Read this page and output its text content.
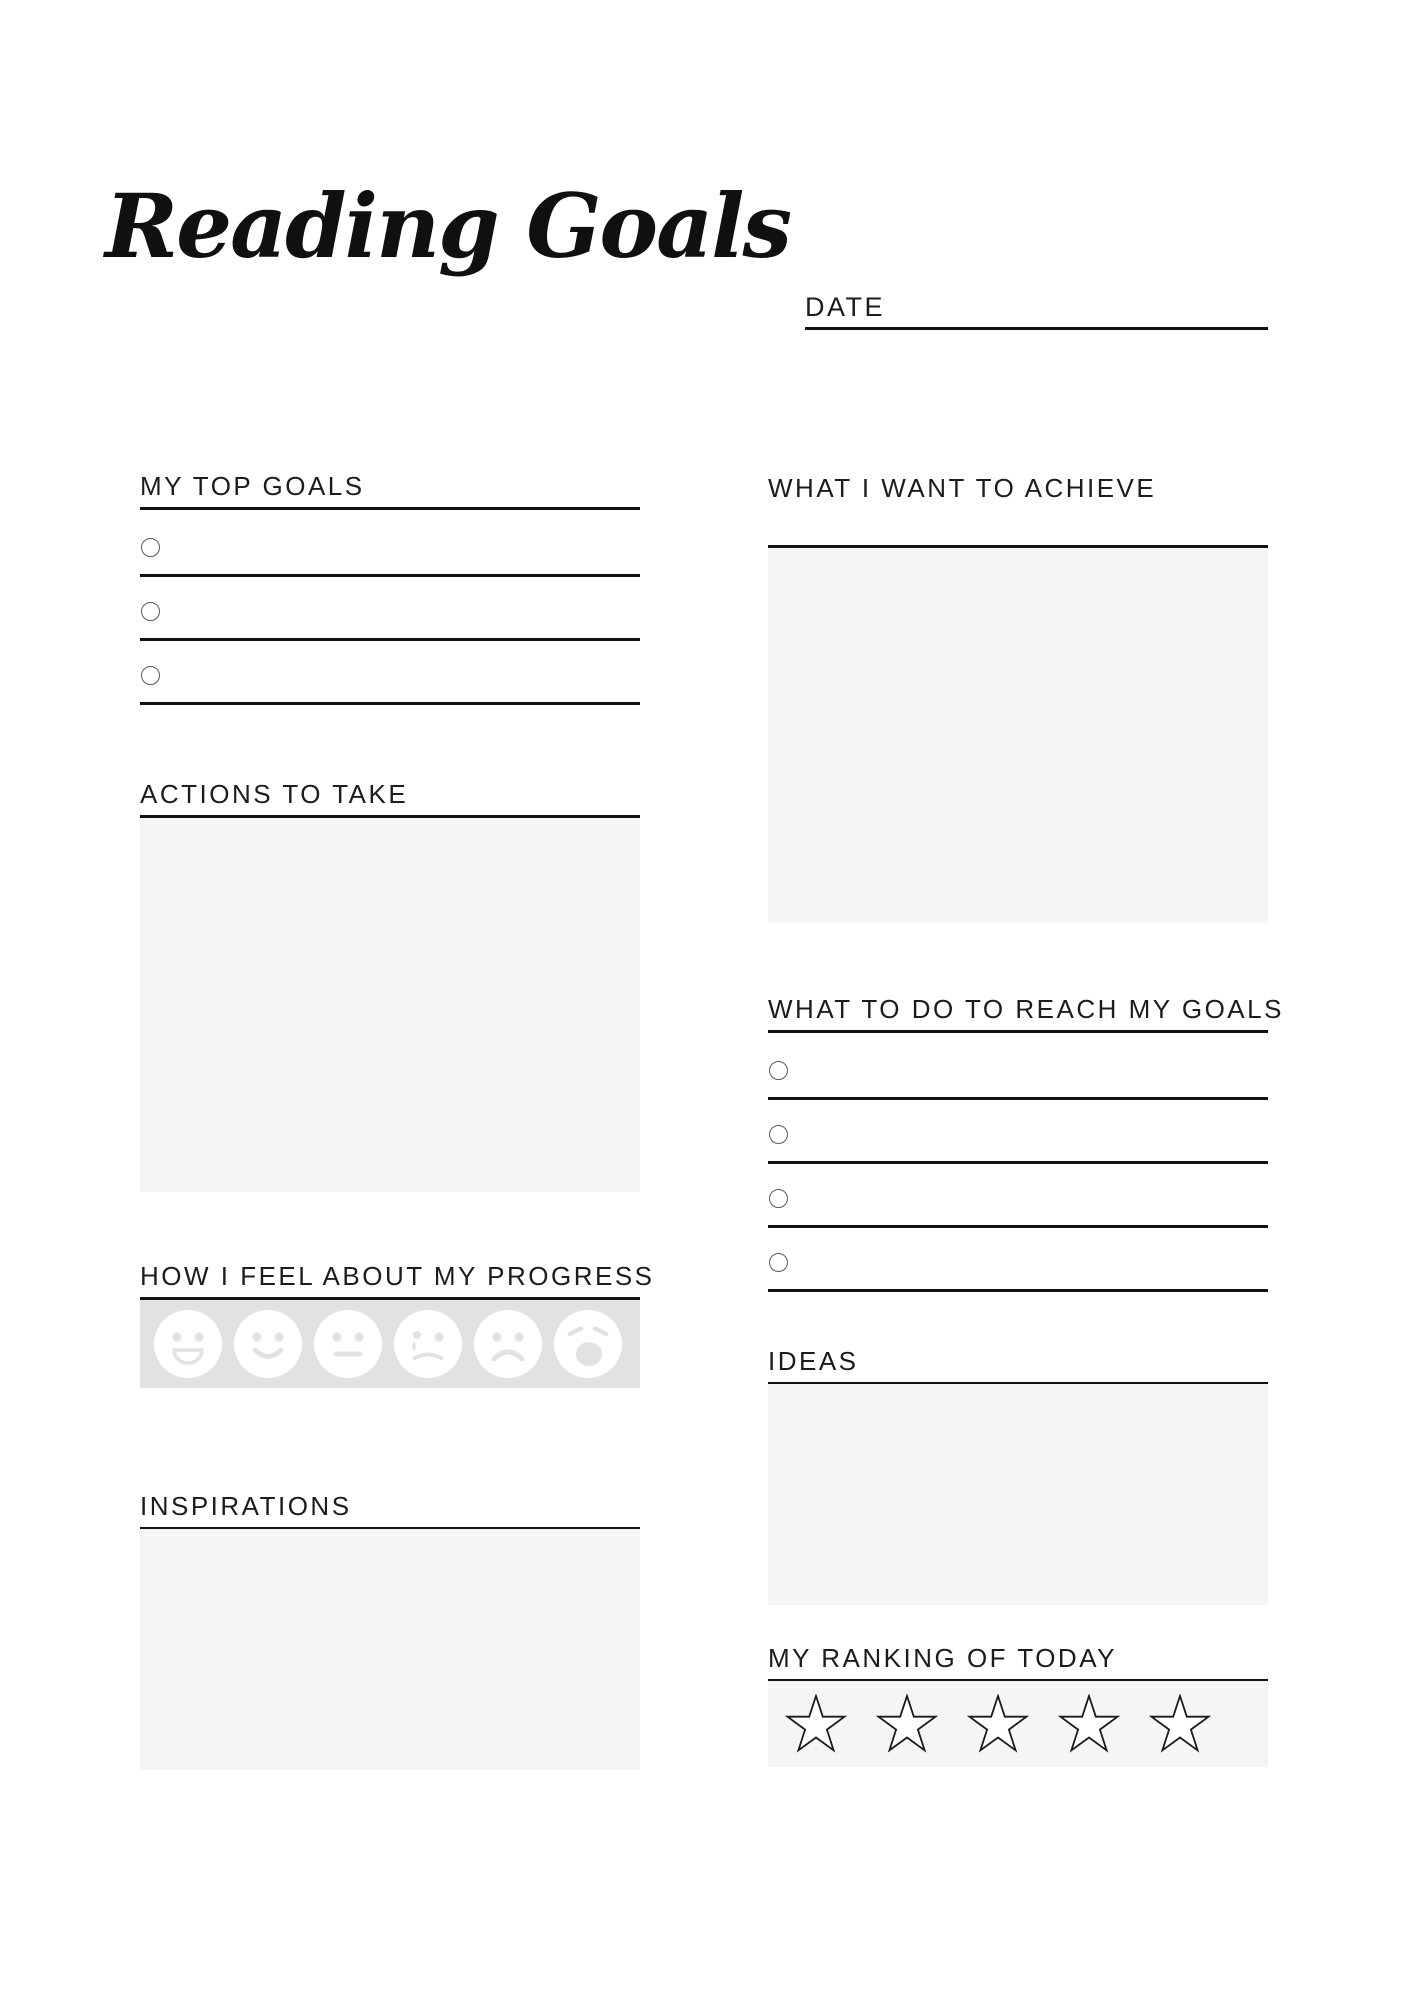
Reading Goals
DATE
MY TOP GOALS
ACTIONS TO TAKE
HOW I FEEL ABOUT MY PROGRESS
INSPIRATIONS
WHAT I WANT TO ACHIEVE
WHAT TO DO TO REACH MY GOALS
IDEAS
MY RANKING OF TODAY
